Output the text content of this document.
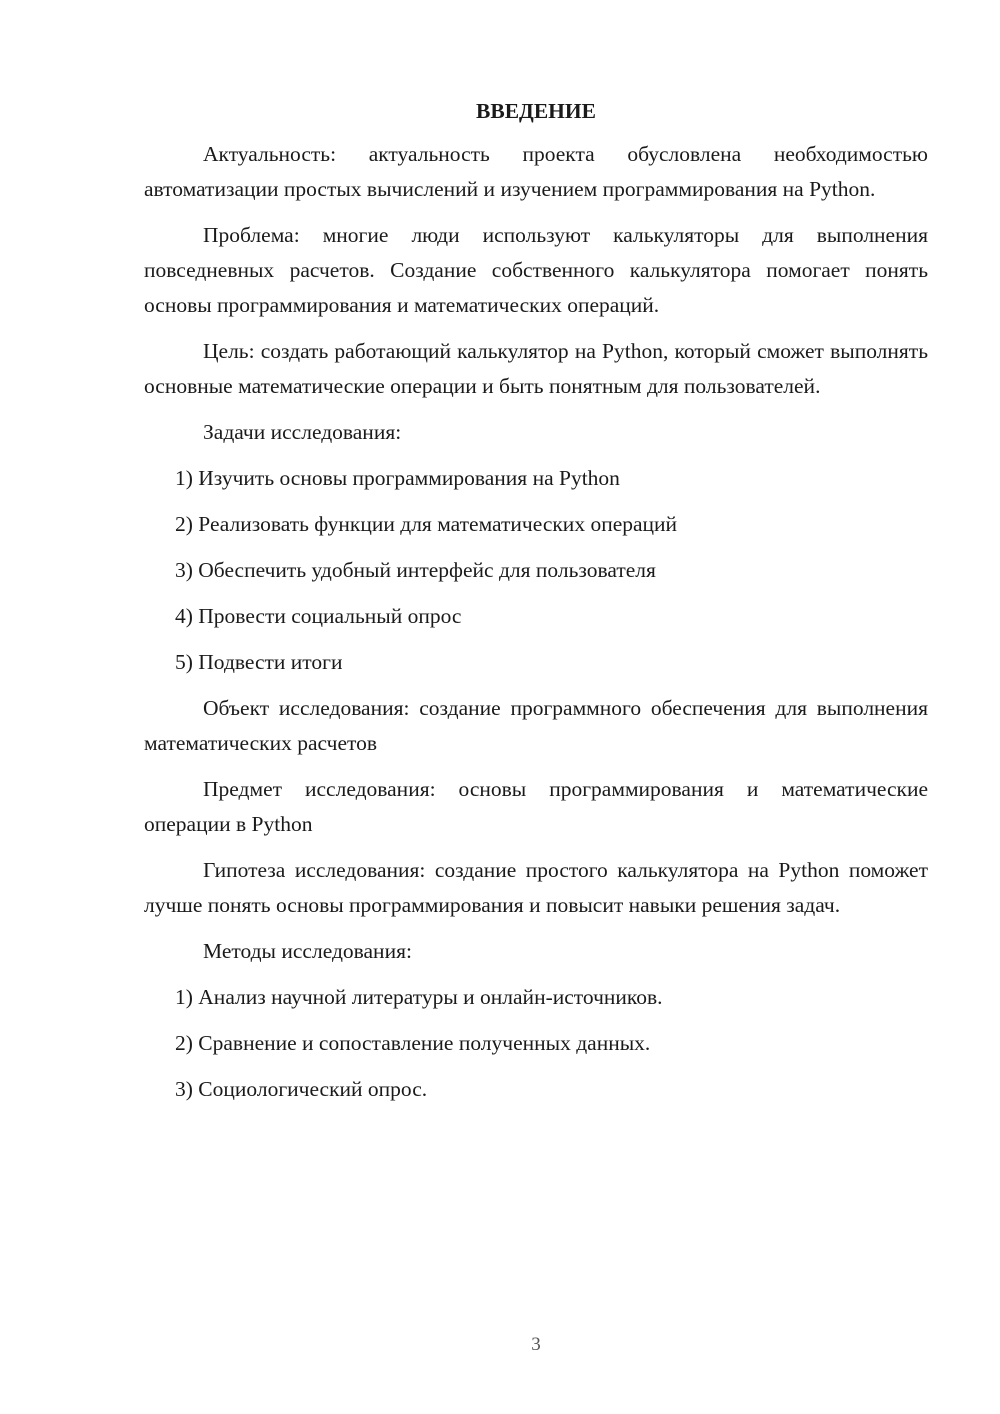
ВВЕДЕНИЕ

Актуальность: актуальность проекта обусловлена необходимостью автоматизации простых вычислений и изучением программирования на Python.

Проблема: многие люди используют калькуляторы для выполнения повседневных расчетов. Создание собственного калькулятора помогает понять основы программирования и математических операций.

Цель: создать работающий калькулятор на Python, который сможет выполнять основные математические операции и быть понятным для пользователей.

Задачи исследования:

1) Изучить основы программирования на Python
2) Реализовать функции для математических операций
3) Обеспечить удобный интерфейс для пользователя
4) Провести социальный опрос
5) Подвести итоги

Объект исследования: создание программного обеспечения для выполнения математических расчетов

Предмет исследования: основы программирования и математические операции в Python

Гипотеза исследования: создание простого калькулятора на Python поможет лучше понять основы программирования и повысит навыки решения задач.

Методы исследования:

1) Анализ научной литературы и онлайн-источников.
2) Сравнение и сопоставление полученных данных.
3) Социологический опрос.
3
